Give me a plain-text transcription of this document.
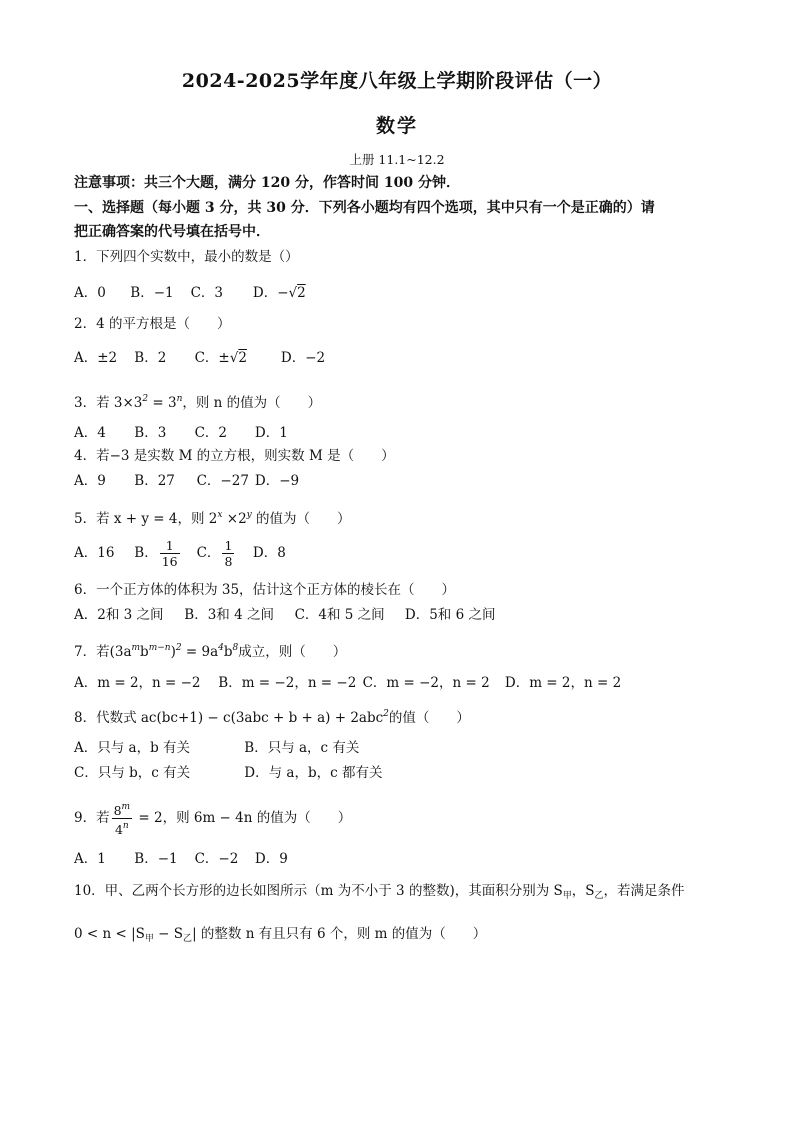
2024-2025学年度八年级上学期阶段评估（一）
数学
上册 11.1~12.2
注意事项：共三个大题，满分 120 分，作答时间 100 分钟．
一、选择题（每小题 3 分，共 30 分．下列各小题均有四个选项，其中只有一个是正确的）请
把正确答案的代号填在括号中．
1．下列四个实数中，最小的数是（）
A．0 B．−1 C．3 D．−√2
2．4 的平方根是（　　）
A．±2 B．2 C．±√2	D．−2
3．若 $3\times 3^2 = 3^n$，则 n 的值为（　　）
A．4 B．3 C．2 D．1
4．若−3 是实数 M 的立方根，则实数 M 是（　　）
A．9 B．27 C．−27 D．−9
5．若 x + y = 4，则 $2^x \times 2^y$ 的值为（　　）
A．16 B． $\frac{1}{16}$ C． $\frac{1}{8}$ D．8
6．一个正方体的体积为 35，估计这个正方体的棱长在（　　）
A．2和 3 之间 B．3和 4 之间 C．4和 5 之间 D．5和 6 之间
7．若$(3a^mb^{m-n})^2 = 9a^4b^8$成立，则（　　）
A．m = 2，n = −2 B．m = −2，n = −2 C．m = −2，n = 2 D．m = 2，n = 2
8．代数式 ac(bc+1) − c(3abc + b + a) + 2abc$^2$的值（　　）
A．只与 a，b 有关	B．只与 a，c 有关
C．只与 b，c 有关	D．与 a，b，c 都有关
9．若 $\frac{8^m}{4^n} = 2$，则 6m − 4n 的值为（　　）
A．1 B．−1 C．−2 D．9
10．甲、乙两个长方形的边长如图所示（m 为不小于 3 的整数)，其面积分别为 $S_甲$，$S_乙$，若满足条件
$0 < n < |S_甲 - S_乙|$ 的整数 n 有且只有 6 个，则 m 的值为（　　）
